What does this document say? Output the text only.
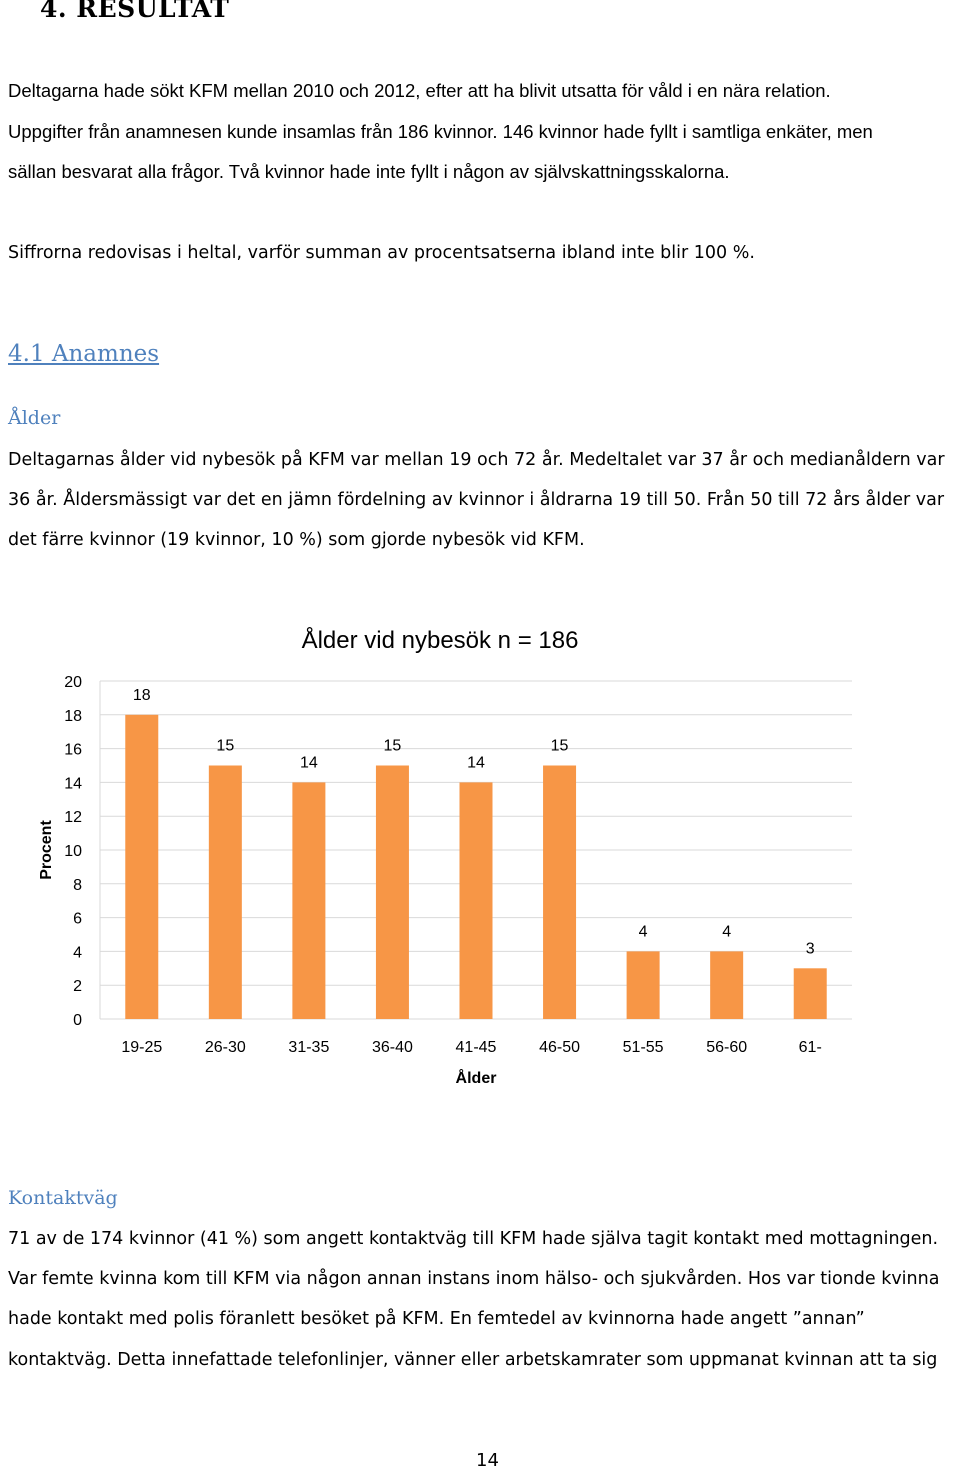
4. RESULTAT
Deltagarna hade sökt KFM mellan 2010 och 2012, efter att ha blivit utsatta för våld i en nära relation.
Uppgifter från anamnesen kunde insamlas från 186 kvinnor. 146 kvinnor hade fyllt i samtliga enkäter, men
sällan besvarat alla frågor. Två kvinnor hade inte fyllt i någon av självskattningsskalorna.
Siffrorna redovisas i heltal, varför summan av procentsatserna ibland inte blir 100 %.
4.1 Anamnes
Ålder
Deltagarnas ålder vid nybesök på KFM var mellan 19 och 72 år. Medeltalet var 37 år och medianåldern var
36 år. Åldersmässigt var det en jämn fördelning av kvinnor i åldrarna 19 till 50. Från 50 till 72 års ålder var
det färre kvinnor (19 kvinnor, 10 %) som gjorde nybesök vid KFM.
0
2
4
6
8
10
12
14
16
18
20
18
19-25
15
26-30
14
31-35
15
36-40
14
41-45
15
46-50
4
51-55
4
56-60
3
61-
Ålder vid nybesök n = 186
Ålder
Procent
Kontaktväg
71 av de 174 kvinnor (41 %) som angett kontaktväg till KFM hade själva tagit kontakt med mottagningen.
Var femte kvinna kom till KFM via någon annan instans inom hälso- och sjukvården. Hos var tionde kvinna
hade kontakt med polis föranlett besöket på KFM. En femtedel av kvinnorna hade angett ”annan”
kontaktväg. Detta innefattade telefonlinjer, vänner eller arbetskamrater som uppmanat kvinnan att ta sig
14
